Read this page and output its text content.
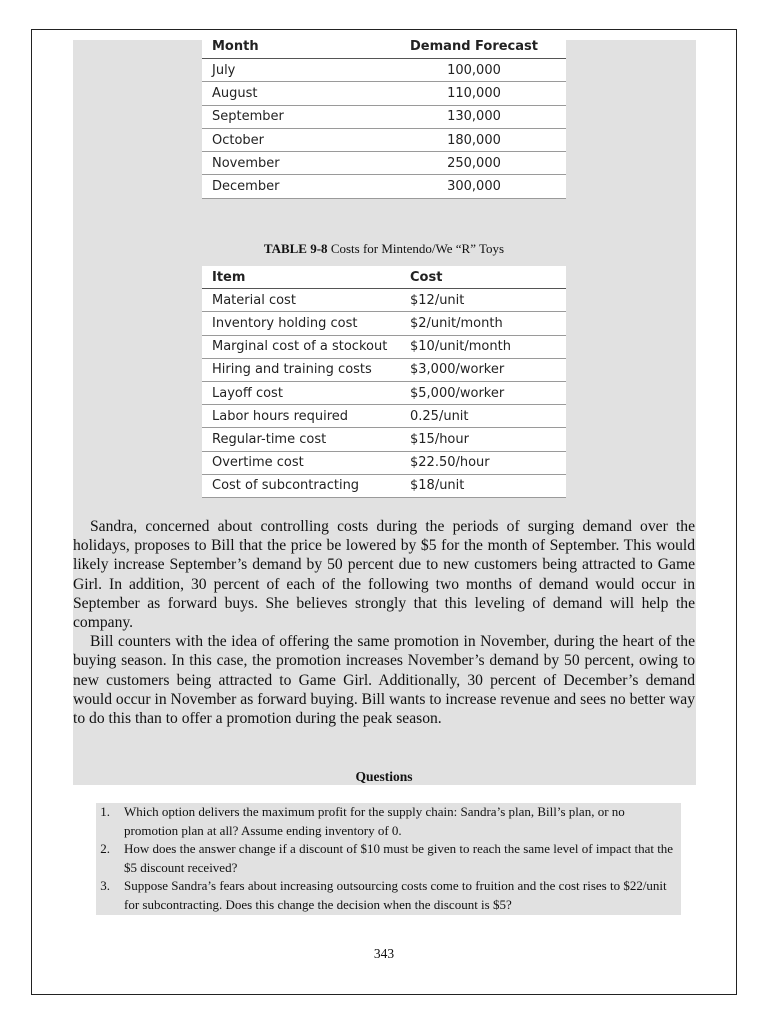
Month	Demand Forecast
July	100,000
August	110,000
September	130,000
October	180,000
November	250,000
December	300,000
TABLE 9-8 Costs for Mintendo/We “R” Toys
Item	Cost
Material cost	$12/unit
Inventory holding cost	$2/unit/month
Marginal cost of a stockout	$10/unit/month
Hiring and training costs	$3,000/worker
Layoff cost	$5,000/worker
Labor hours required	0.25/unit
Regular-time cost	$15/hour
Overtime cost	$22.50/hour
Cost of subcontracting	$18/unit

Sandra, concerned about controlling costs during the periods of surging demand over the holidays, proposes to Bill that the price be lowered by $5 for the month of September. This would likely increase September’s demand by 50 percent due to new customers being attracted to Game Girl. In addition, 30 percent of each of the following two months of demand would occur in September as forward buys. She believes strongly that this leveling of demand will help the company.

Bill counters with the idea of offering the same promotion in November, during the heart of the buying season. In this case, the promotion increases November’s demand by 50 percent, owing to new customers being attracted to Game Girl. Additionally, 30 percent of December’s demand would occur in November as forward buying. Bill wants to increase revenue and sees no better way to do this than to offer a promotion during the peak season.

Questions
1.	Which option delivers the maximum profit for the supply chain: Sandra’s plan, Bill’s plan, or no promotion plan at all? Assume ending inventory of 0.
2.	How does the answer change if a discount of $10 must be given to reach the same level of impact that the $5 discount received?
3.	Suppose Sandra’s fears about increasing outsourcing costs come to fruition and the cost rises to $22/unit for subcontracting. Does this change the decision when the discount is $5?
343
